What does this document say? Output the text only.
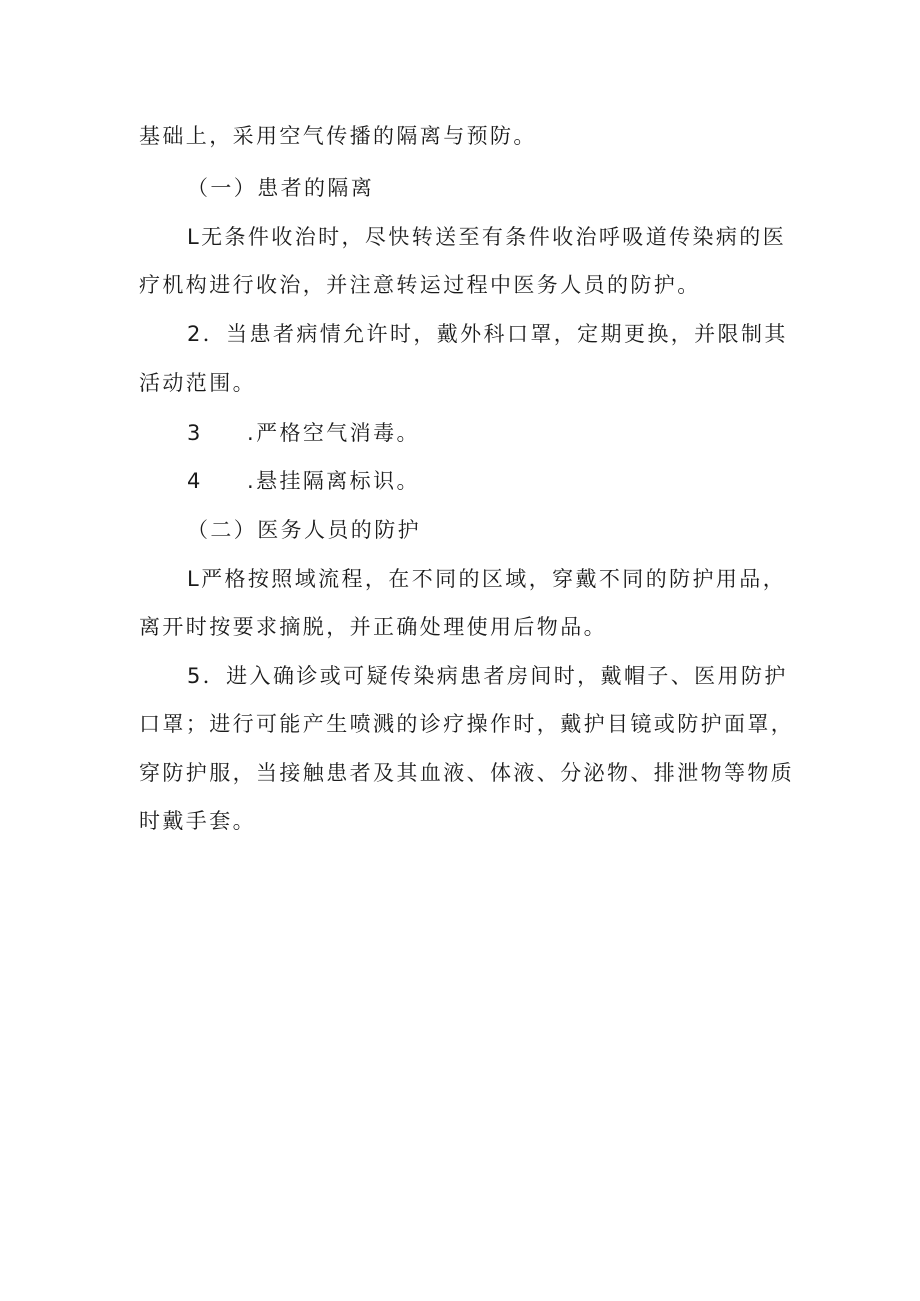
基础上，采用空气传播的隔离与预防。
（一）患者的隔离
L无条件收治时，尽快转送至有条件收治呼吸道传染病的医
疗机构进行收治，并注意转运过程中医务人员的防护。
2．当患者病情允许时，戴外科口罩，定期更换，并限制其
活动范围。
3 .严格空气消毒。
4 .悬挂隔离标识。
（二）医务人员的防护
L严格按照域流程，在不同的区域，穿戴不同的防护用品，
离开时按要求摘脱，并正确处理使用后物品。
5．进入确诊或可疑传染病患者房间时，戴帽子、医用防护
口罩；进行可能产生喷溅的诊疗操作时，戴护目镜或防护面罩，
穿防护服，当接触患者及其血液、体液、分泌物、排泄物等物质
时戴手套。
